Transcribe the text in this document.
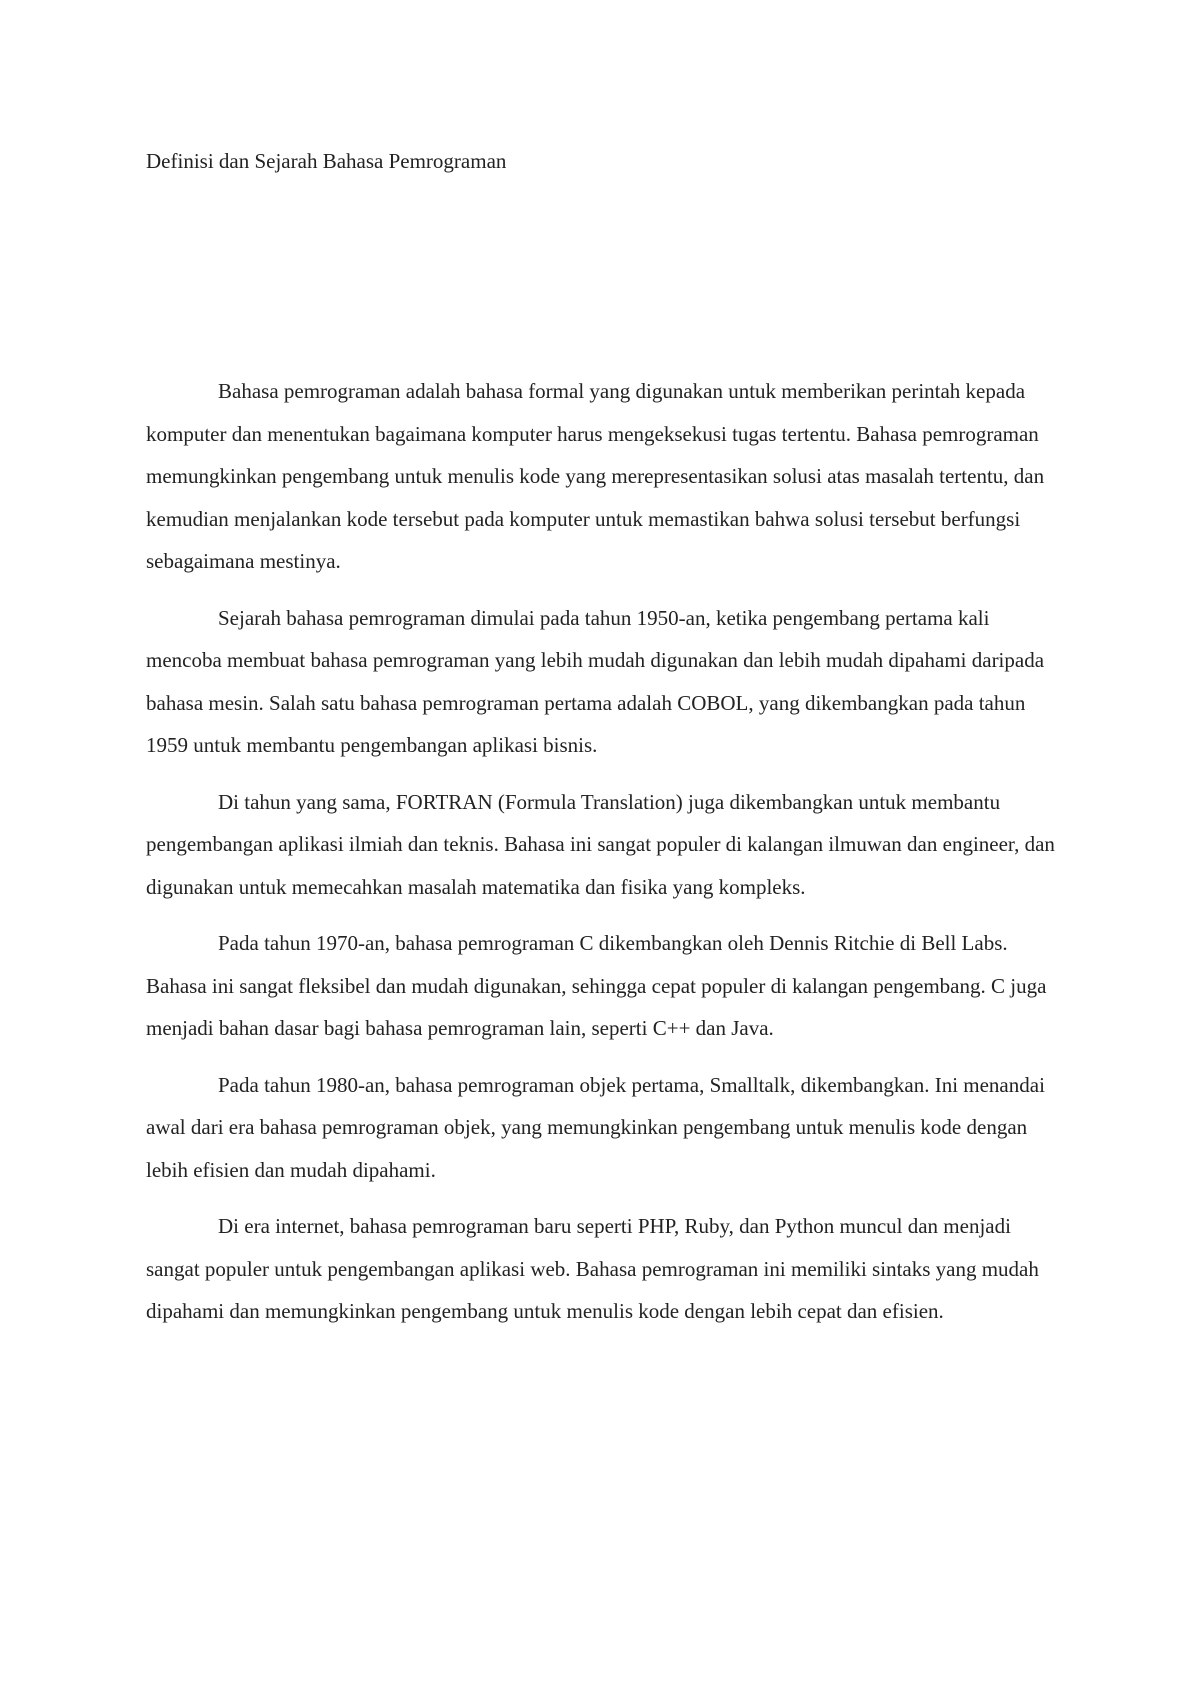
Definisi dan Sejarah Bahasa Pemrograman

Bahasa pemrograman adalah bahasa formal yang digunakan untuk memberikan perintah kepada komputer dan menentukan bagaimana komputer harus mengeksekusi tugas tertentu. Bahasa pemrograman memungkinkan pengembang untuk menulis kode yang merepresentasikan solusi atas masalah tertentu, dan kemudian menjalankan kode tersebut pada komputer untuk memastikan bahwa solusi tersebut berfungsi sebagaimana mestinya.

Sejarah bahasa pemrograman dimulai pada tahun 1950-an, ketika pengembang pertama kali mencoba membuat bahasa pemrograman yang lebih mudah digunakan dan lebih mudah dipahami daripada bahasa mesin. Salah satu bahasa pemrograman pertama adalah COBOL, yang dikembangkan pada tahun 1959 untuk membantu pengembangan aplikasi bisnis.

Di tahun yang sama, FORTRAN (Formula Translation) juga dikembangkan untuk membantu pengembangan aplikasi ilmiah dan teknis. Bahasa ini sangat populer di kalangan ilmuwan dan engineer, dan digunakan untuk memecahkan masalah matematika dan fisika yang kompleks.

Pada tahun 1970-an, bahasa pemrograman C dikembangkan oleh Dennis Ritchie di Bell Labs. Bahasa ini sangat fleksibel dan mudah digunakan, sehingga cepat populer di kalangan pengembang. C juga menjadi bahan dasar bagi bahasa pemrograman lain, seperti C++ dan Java.

Pada tahun 1980-an, bahasa pemrograman objek pertama, Smalltalk, dikembangkan. Ini menandai awal dari era bahasa pemrograman objek, yang memungkinkan pengembang untuk menulis kode dengan lebih efisien dan mudah dipahami.

Di era internet, bahasa pemrograman baru seperti PHP, Ruby, dan Python muncul dan menjadi sangat populer untuk pengembangan aplikasi web. Bahasa pemrograman ini memiliki sintaks yang mudah dipahami dan memungkinkan pengembang untuk menulis kode dengan lebih cepat dan efisien.
